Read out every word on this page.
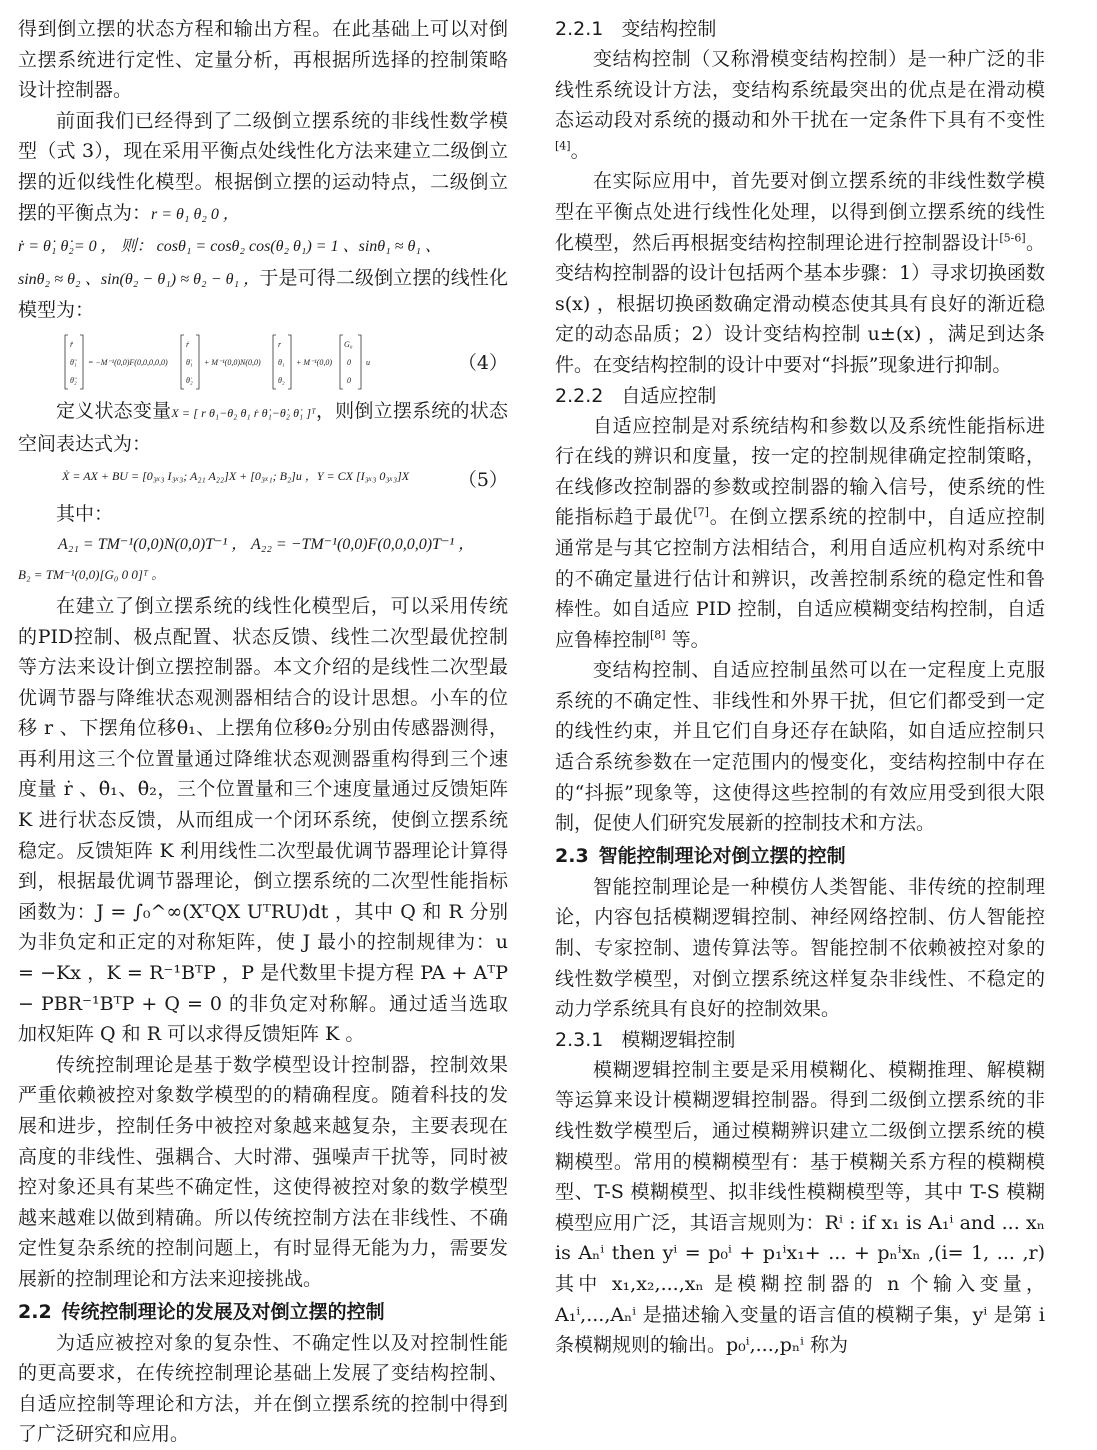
得到倒立摆的状态方程和输出方程。在此基础上可以对倒立摆系统进行定性、定量分析，再根据所选择的控制策略设计控制器。

前面我们已经得到了二级倒立摆系统的非线性数学模型（式 3），现在采用平衡点处线性化方法来建立二级倒立摆的近似线性化模型。根据倒立摆的运动特点，二级倒立摆的平衡点为：r = θ₁ θ₂ 0 ，
ṙ = θ̇₁ θ̇₂= 0 ， 则： cosθ₁ = cosθ₂ cos(θ₂ θ₁) = 1 、sinθ₁ ≈ θ₁ 、
sinθ₂ ≈ θ₂ 、sin(θ₂ − θ₁) ≈ θ₂ − θ₁ ，于是可得二级倒立摆的线性化模型为：

r̈
θ̈₁
θ̈₂
= −M⁻¹(0,0)F(0,0,0,0,0)
ṙ
θ̇₁
θ̇₂
+ M⁻¹(0,0)N(0,0)
r
θ₁
θ₂
+ M⁻¹(0,0)
G₀
0
0
u	（4）

定义状态变量X = [ r θ₁−θ₂ θ₁ ṙ θ̇₁−θ̇₂ θ̇₁ ]ᵀ，则倒立摆系统的状态空间表达式为：

Ẋ = AX + BU = [0₃ₓ₃ I₃ₓ₃; A₂₁ A₂₂]X + [0₃ₓ₁; B₂]u ，Y = CX [I₃ₓ₃ 0₃ₓ₃]X	（5）

其中：

A₂₁ = TM⁻¹(0,0)N(0,0)T⁻¹ ， A₂₂ = −TM⁻¹(0,0)F(0,0,0,0)T⁻¹ ，

B₂ = TM⁻¹(0,0)[G₀ 0 0]ᵀ 。

在建立了倒立摆系统的线性化模型后，可以采用传统的PID控制、极点配置、状态反馈、线性二次型最优控制等方法来设计倒立摆控制器。本文介绍的是线性二次型最优调节器与降维状态观测器相结合的设计思想。小车的位移 r 、下摆角位移θ₁、上摆角位移θ₂分别由传感器测得，再利用这三个位置量通过降维状态观测器重构得到三个速度量 ṙ 、θ̇₁、θ̇₂，三个位置量和三个速度量通过反馈矩阵 K 进行状态反馈，从而组成一个闭环系统，使倒立摆系统稳定。反馈矩阵 K 利用线性二次型最优调节器理论计算得到，根据最优调节器理论，倒立摆系统的二次型性能指标函数为：J = ∫₀^∞(XᵀQX UᵀRU)dt ，其中 Q 和 R 分别为非负定和正定的对称矩阵，使 J 最小的控制规律为：u = −Kx ，K = R⁻¹BᵀP ，P 是代数里卡提方程 PA + AᵀP − PBR⁻¹BᵀP + Q = 0 的非负定对称解。通过适当选取加权矩阵 Q 和 R 可以求得反馈矩阵 K 。

传统控制理论是基于数学模型设计控制器，控制效果严重依赖被控对象数学模型的的精确程度。随着科技的发展和进步，控制任务中被控对象越来越复杂，主要表现在高度的非线性、强耦合、大时滞、强噪声干扰等，同时被控对象还具有某些不确定性，这使得被控对象的数学模型越来越难以做到精确。所以传统控制方法在非线性、不确定性复杂系统的控制问题上，有时显得无能为力，需要发展新的控制理论和方法来迎接挑战。

2.2 传统控制理论的发展及对倒立摆的控制

为适应被控对象的复杂性、不确定性以及对控制性能的更高要求，在传统控制理论基础上发展了变结构控制、自适应控制等理论和方法，并在倒立摆系统的控制中得到了广泛研究和应用。

2.2.1 变结构控制

变结构控制（又称滑模变结构控制）是一种广泛的非线性系统设计方法，变结构系统最突出的优点是在滑动模态运动段对系统的摄动和外干扰在一定条件下具有不变性[4]。

在实际应用中，首先要对倒立摆系统的非线性数学模型在平衡点处进行线性化处理，以得到倒立摆系统的线性化模型，然后再根据变结构控制理论进行控制器设计[5-6]。变结构控制器的设计包括两个基本步骤：1）寻求切换函数 s(x) ，根据切换函数确定滑动模态使其具有良好的渐近稳定的动态品质；2）设计变结构控制 u±(x) ，满足到达条件。在变结构控制的设计中要对“抖振”现象进行抑制。

2.2.2 自适应控制

自适应控制是对系统结构和参数以及系统性能指标进行在线的辨识和度量，按一定的控制规律确定控制策略，在线修改控制器的参数或控制器的输入信号，使系统的性能指标趋于最优[7]。在倒立摆系统的控制中，自适应控制通常是与其它控制方法相结合，利用自适应机构对系统中的不确定量进行估计和辨识，改善控制系统的稳定性和鲁棒性。如自适应 PID 控制，自适应模糊变结构控制，自适应鲁棒控制[8] 等。

变结构控制、自适应控制虽然可以在一定程度上克服系统的不确定性、非线性和外界干扰，但它们都受到一定的线性约束，并且它们自身还存在缺陷，如自适应控制只适合系统参数在一定范围内的慢变化，变结构控制中存在的“抖振”现象等，这使得这些控制的有效应用受到很大限制，促使人们研究发展新的控制技术和方法。

2.3 智能控制理论对倒立摆的控制

智能控制理论是一种模仿人类智能、非传统的控制理论，内容包括模糊逻辑控制、神经网络控制、仿人智能控制、专家控制、遗传算法等。智能控制不依赖被控对象的线性数学模型，对倒立摆系统这样复杂非线性、不稳定的动力学系统具有良好的控制效果。

2.3.1 模糊逻辑控制

模糊逻辑控制主要是采用模糊化、模糊推理、解模糊等运算来设计模糊逻辑控制器。得到二级倒立摆系统的非线性数学模型后，通过模糊辨识建立二级倒立摆系统的模糊模型。常用的模糊模型有：基于模糊关系方程的模糊模型、T-S 模糊模型、拟非线性模糊模型等，其中 T-S 模糊模型应用广泛，其语言规则为：Rⁱ : if x₁ is A₁ⁱ and ... xₙ is Aₙⁱ then yⁱ = p₀ⁱ + p₁ⁱx₁+ ... + pₙⁱxₙ ,(i= 1, ... ,r) 其中 x₁,x₂,...,xₙ 是模糊控制器的 n 个输入变量，A₁ⁱ,...,Aₙⁱ 是描述输入变量的语言值的模糊子集，yⁱ 是第 i 条模糊规则的输出。p₀ⁱ,...,pₙⁱ 称为
